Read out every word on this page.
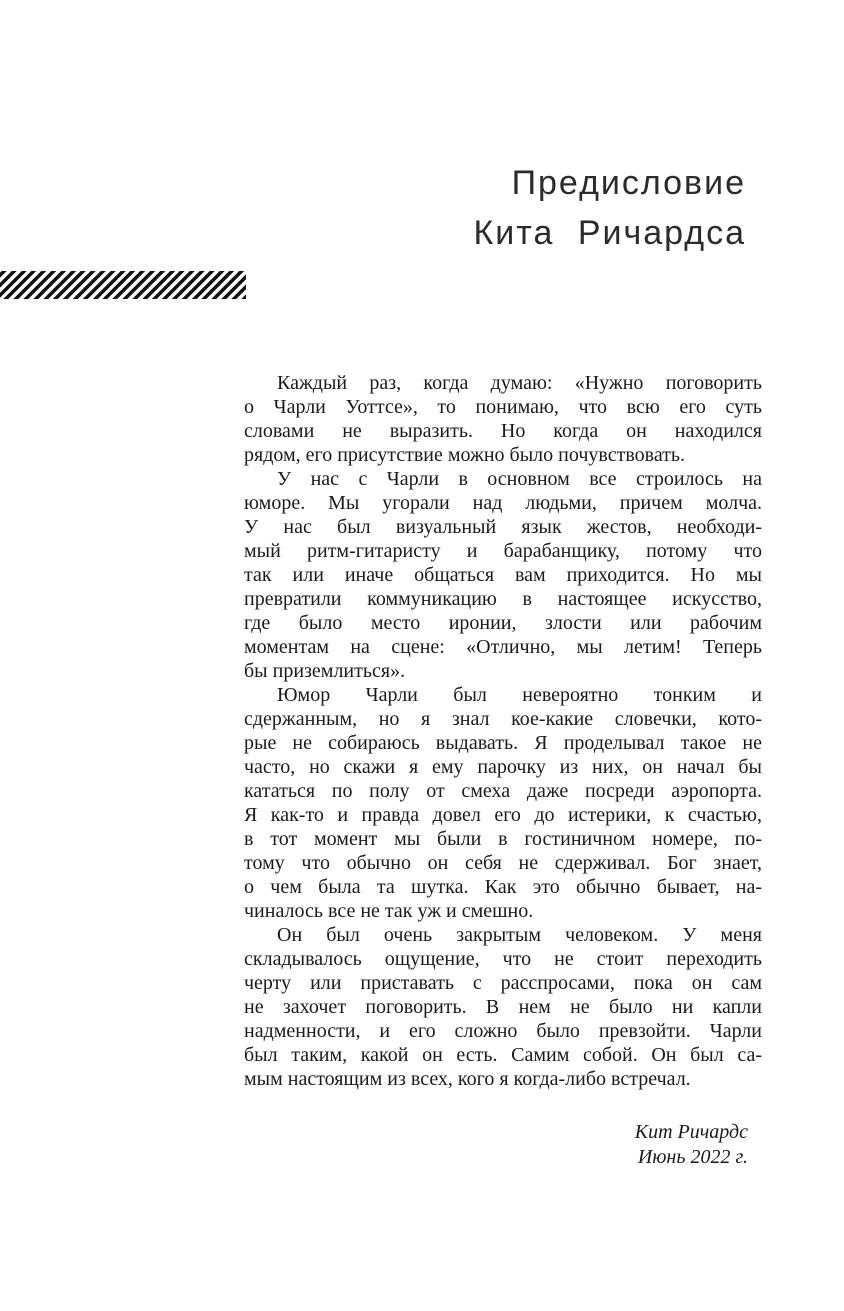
Предисловие
Кита Ричардса
Каждый раз, когда думаю: «Нужно поговорить
о Чарли Уоттсе», то понимаю, что всю его суть
словами не выразить. Но когда он находился
рядом, его присутствие можно было почувствовать.
У нас с Чарли в основном все строилось на
юморе. Мы угорали над людьми, причем молча.
У нас был визуальный язык жестов, необходи-
мый ритм-гитаристу и барабанщику, потому что
так или иначе общаться вам приходится. Но мы
превратили коммуникацию в настоящее искусство,
где было место иронии, злости или рабочим
моментам на сцене: «Отлично, мы летим! Теперь
бы приземлиться».
Юмор Чарли был невероятно тонким и
сдержанным, но я знал кое-какие словечки, кото-
рые не собираюсь выдавать. Я проделывал такое не
часто, но скажи я ему парочку из них, он начал бы
кататься по полу от смеха даже посреди аэропорта.
Я как-то и правда довел его до истерики, к счастью,
в тот момент мы были в гостиничном номере, по-
тому что обычно он себя не сдерживал. Бог знает,
о чем была та шутка. Как это обычно бывает, на-
чиналось все не так уж и смешно.
Он был очень закрытым человеком. У меня
складывалось ощущение, что не стоит переходить
черту или приставать с расспросами, пока он сам
не захочет поговорить. В нем не было ни капли
надменности, и его сложно было превзойти. Чарли
был таким, какой он есть. Самим собой. Он был са-
мым настоящим из всех, кого я когда-либо встречал.
Кит Ричардс
Июнь 2022 г.
